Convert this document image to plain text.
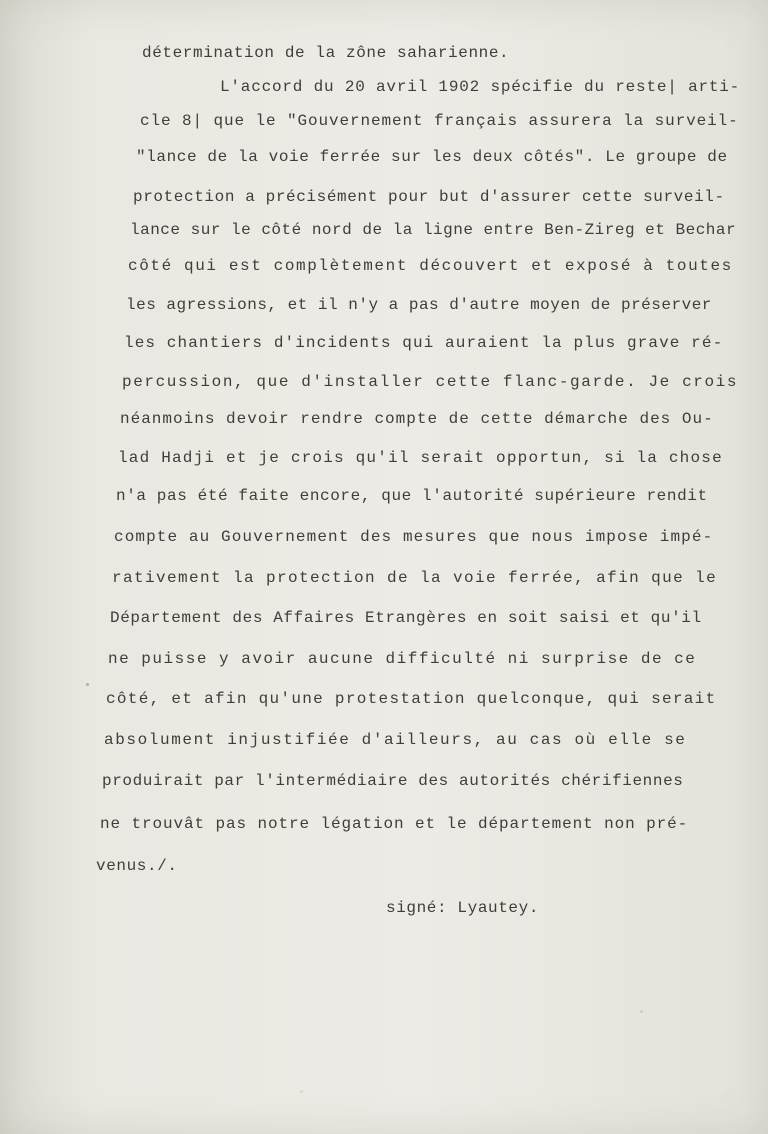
détermination de la zône saharienne.

L'accord du 20 avril 1902 spécifie du reste| arti-

cle 8| que le "Gouvernement français assurera la surveil-

"lance de la voie ferrée sur les deux côtés". Le groupe de

protection a précisément pour but d'assurer cette surveil-

lance sur le côté nord de la ligne entre Ben-Zireg et Bechar

côté qui est complètement découvert et exposé à toutes

les agressions, et il n'y a pas d'autre moyen de préserver

les chantiers d'incidents qui auraient la plus grave ré-

percussion, que d'installer cette flanc-garde. Je crois

néanmoins devoir rendre compte de cette démarche des Ou-

lad Hadji et je crois qu'il serait opportun, si la chose

n'a pas été faite encore, que l'autorité supérieure rendit

compte au Gouvernement des mesures que nous impose impé-

rativement la protection de la voie ferrée, afin que le

Département des Affaires Etrangères en soit saisi et qu'il

ne puisse y avoir aucune difficulté ni surprise de ce

côté, et afin qu'une protestation quelconque, qui serait

absolument injustifiée d'ailleurs, au cas où elle se

produirait par l'intermédiaire des autorités chérifiennes

ne trouvât pas notre légation et le département non pré-

venus./.

signé: Lyautey.
